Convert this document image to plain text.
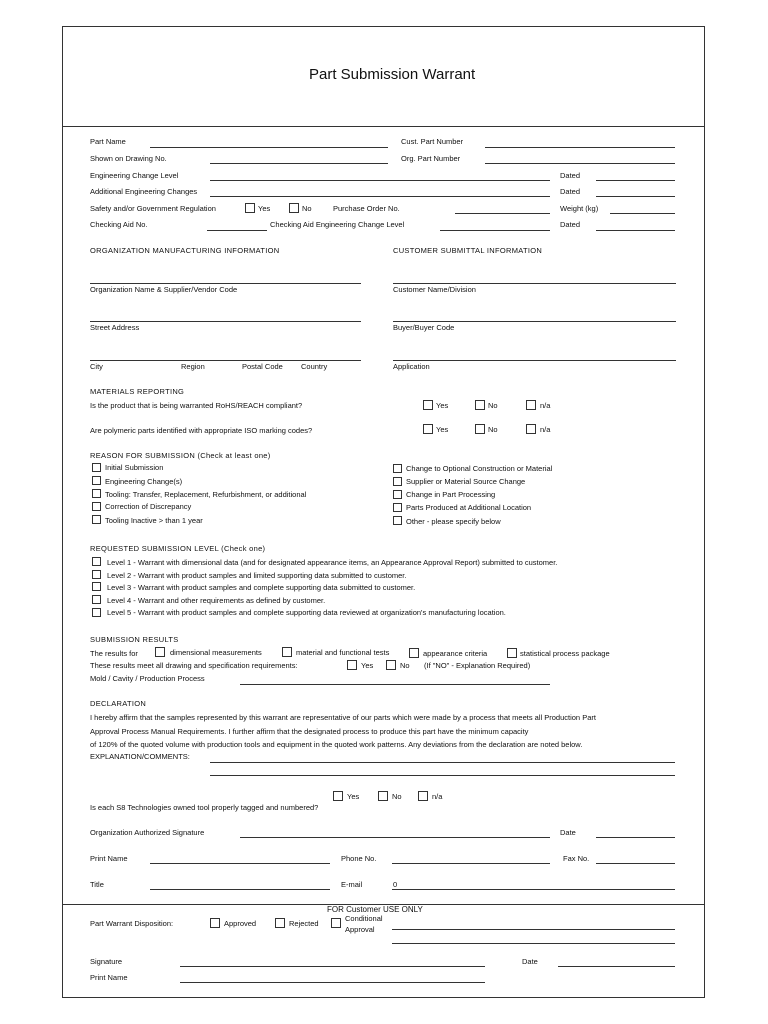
Part Submission Warrant
Part Name	Cust. Part Number
Shown on Drawing No.	Org. Part Number
Engineering Change Level	Dated
Additional Engineering Changes	Dated
Safety and/or Government Regulation	Yes	No	Purchase Order No.	Weight (kg)
Checking Aid No.	Checking Aid Engineering Change Level	Dated
ORGANIZATION MANUFACTURING INFORMATION	CUSTOMER SUBMITTAL INFORMATION
Organization Name & Supplier/Vendor Code	Customer Name/Division
Street Address	Buyer/Buyer Code
City	Region	Postal Code Country	Application
MATERIALS REPORTING
Is the product that is being warranted RoHS/REACH compliant?	Yes	No	n/a
Are polymeric parts identified with appropriate ISO marking codes?	Yes	No	n/a
REASON FOR SUBMISSION (Check at least one)
Initial Submission
Engineering Change(s)
Tooling: Transfer, Replacement, Refurbishment, or additional
Correction of Discrepancy
Tooling Inactive > than 1 year
Change to Optional Construction or Material
Supplier or Material Source Change
Change in Part Processing
Parts Produced at Additional Location
Other - please specify below
REQUESTED SUBMISSION LEVEL (Check one)
Level 1 - Warrant with dimensional data (and for designated appearance items, an Appearance Approval Report) submitted to customer.
Level 2 - Warrant with product samples and limited supporting data submitted to customer.
Level 3 - Warrant with product samples and complete supporting data submitted to customer.
Level 4 - Warrant and other requirements as defined by customer.
Level 5 - Warrant with product samples and complete supporting data reviewed at organization's manufacturing location.
SUBMISSION RESULTS
The results for	dimensional measurements	material and functional tests	appearance criteria	statistical process package
These results meet all drawing and specification requirements:	Yes	No (If "NO" - Explanation Required)
Mold / Cavity / Production Process
DECLARATION
I hereby affirm that the samples represented by this warrant are representative of our parts which were made by a process that meets all Production Part
Approval Process Manual Requirements. I further affirm that the designated process to produce this part have the minimum capacity
of 120% of the quoted volume with production tools and equipment in the quoted work patterns. Any deviations from the declaration are noted below.
EXPLANATION/COMMENTS:
Yes	No	n/a
Is each S8 Technologies owned tool properly tagged and numbered?
Organization Authorized Signature	Date
Print Name	Phone No.	Fax No.
Title	E-mail	0
FOR Customer USE ONLY
Part Warrant Disposition:	Approved	Rejected
Conditional
Approval
Signature	Date
Print Name
